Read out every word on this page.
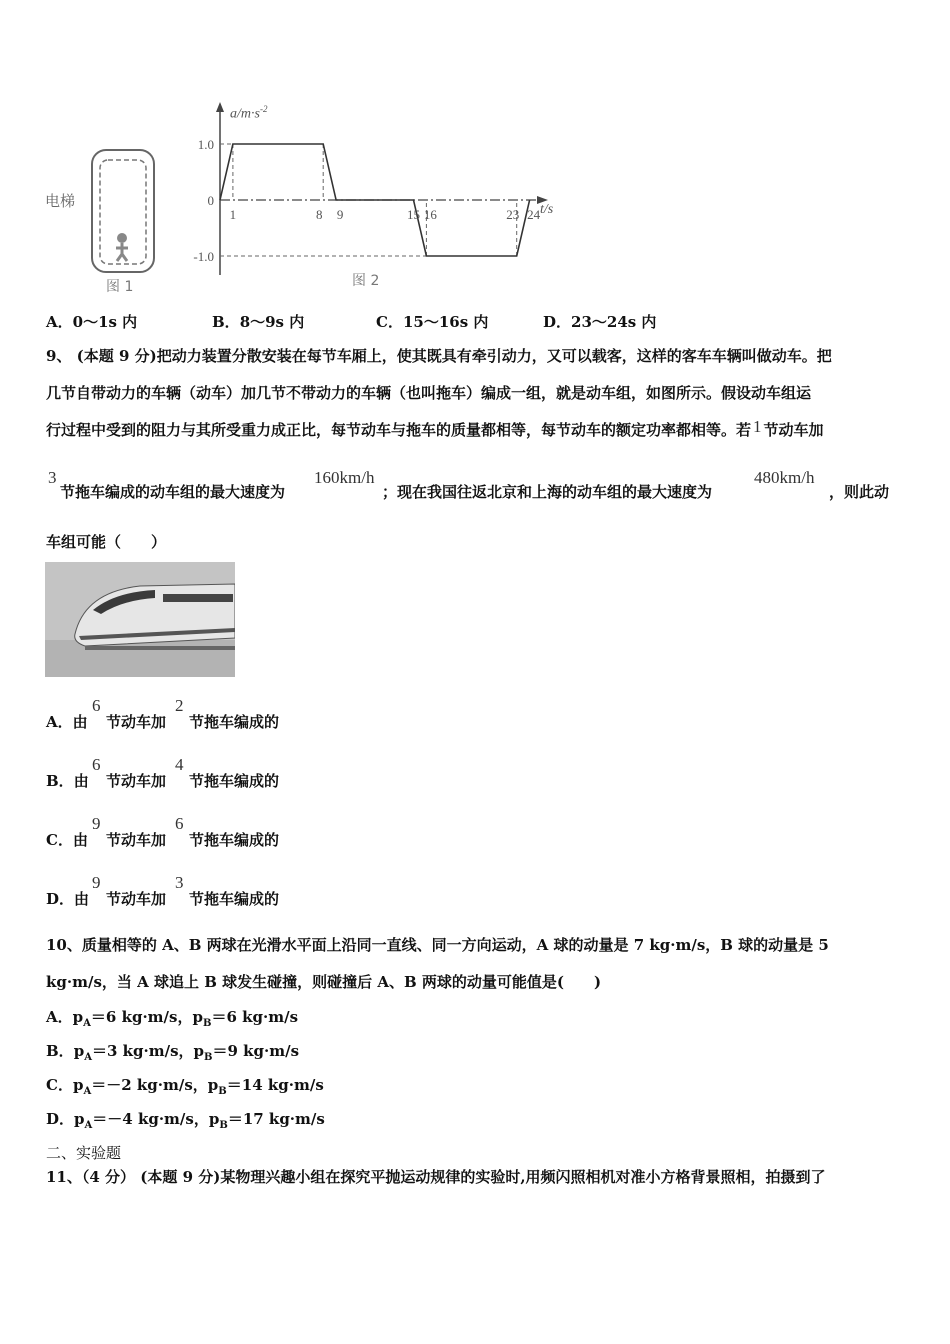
电梯
图 1
1.0
0
-1.0
1	8 9	15 16	23 24
$a/m\cdot s^{-2}$
t/s
图 2
A．0～1s 内	B．8～9s 内	C．15～16s 内	D．23～24s 内
9、 (本题 9 分)把动力装置分散安装在每节车厢上，使其既具有牵引动力，又可以载客，这样的客车车辆叫做动车。把
几节自带动力的车辆（动车）加几节不带动力的车辆（也叫拖车）编成一组，就是动车组，如图所示。假设动车组运
行过程中受到的阻力与其所受重力成正比，每节动车与拖车的质量都相等，每节动车的额定功率都相等。若 1 节动车加
3
节拖车编成的动车组的最大速度为
160km/h
；现在我国往返北京和上海的动车组的最大速度为
480km/h
，则此动
车组可能（　　）
A．由
6
节动车加
2
节拖车编成的
B．由
6
节动车加
4
节拖车编成的
C．由
9
节动车加
6
节拖车编成的
D．由
9
节动车加
3
节拖车编成的
10、质量相等的 A、B 两球在光滑水平面上沿同一直线、同一方向运动，A 球的动量是 7 kg·m/s，B 球的动量是 5
kg·m/s，当 A 球追上 B 球发生碰撞，则碰撞后 A、B 两球的动量可能值是(　　)
A．$p_A=6$ kg·m/s，$p_B=6$ kg·m/s
B．$p_A=3$ kg·m/s，$p_B=9$ kg·m/s
C．$p_A=-2$ kg·m/s，$p_B=14$ kg·m/s
D．$p_A=-4$ kg·m/s，$p_B=17$ kg·m/s
二、实验题
11、（4 分） (本题 9 分)某物理兴趣小组在探究平抛运动规律的实验时,用频闪照相机对准小方格背景照相，拍摄到了
